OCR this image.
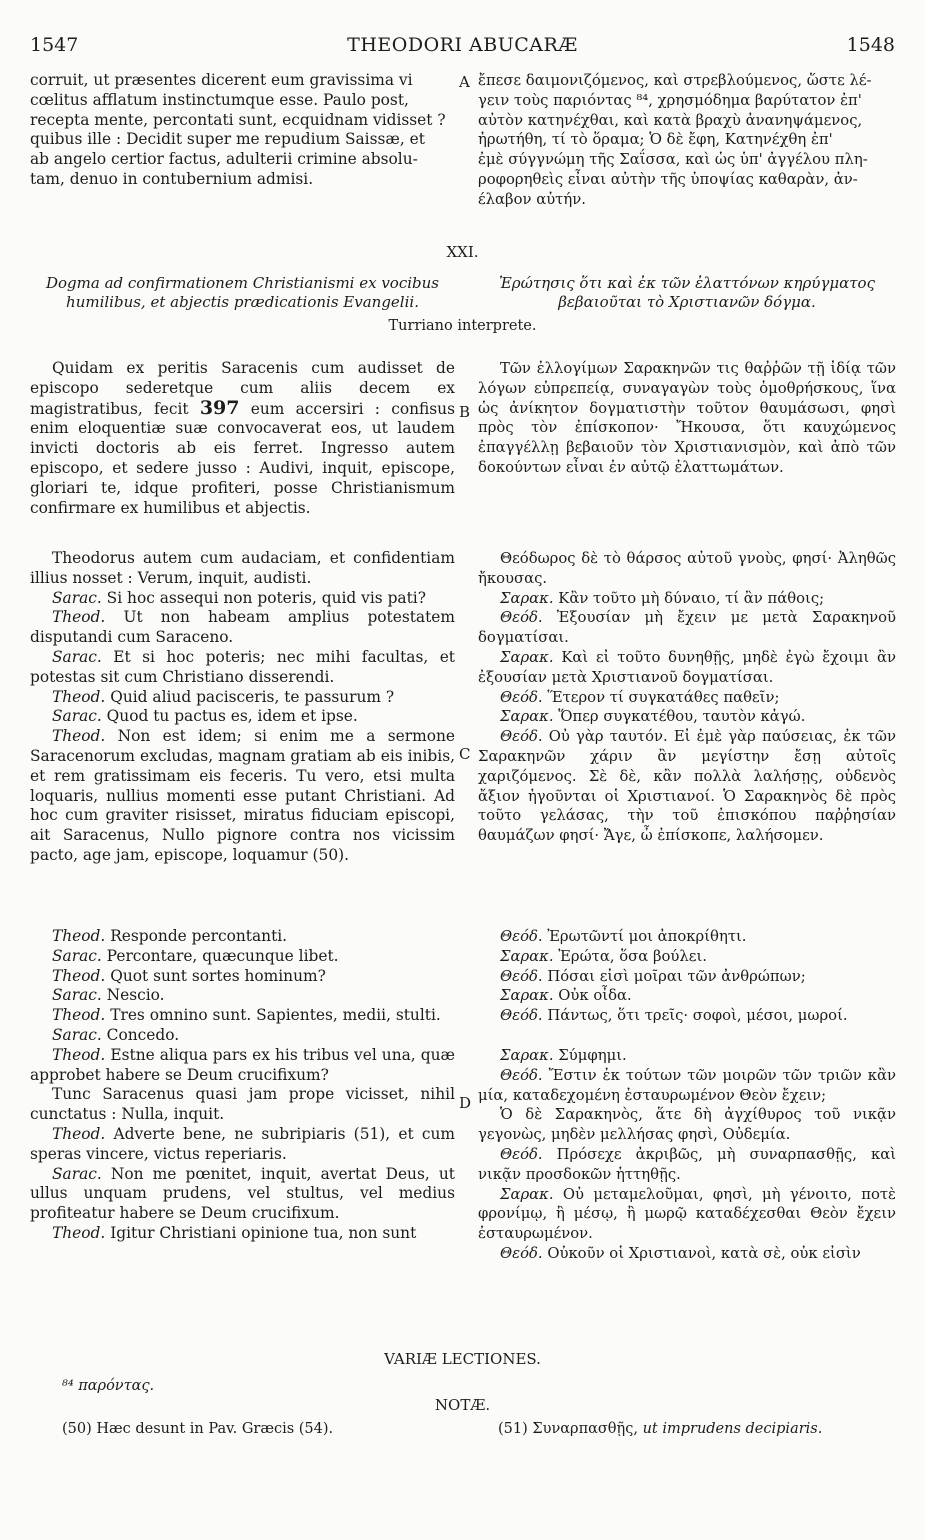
1547	THEODORI ABUCARÆ	1548

corruit, ut præsentes dicerent eum gravissima vi

cœlitus afflatum instinctumque esse. Paulo post,

recepta mente, percontati sunt, ecquidnam vidisset ?

quibus ille : Decidit super me repudium Saissæ, et

ab angelo certior factus, adulterii crimine absolu-

tam, denuo in contubernium admisi.

A ἔπεσε δαιμονιζόμενος, καὶ στρεβλούμενος, ὥστε λέ-

γειν τοὺς παριόντας ⁸⁴, χρησμόδημα βαρύτατον ἐπ'

αὐτὸν κατηνέχθαι, καὶ κατὰ βραχὺ ἀνανηψάμενος,

ἠρωτήθη, τί τὸ ὅραμα; Ὁ δὲ ἔφη, Κατηνέχθη ἐπ'

ἐμὲ σύγγνώμη τῆς Σαΐσσα, καὶ ὡς ὑπ' ἀγγέλου πλη-

ροφορηθεὶς εἶναι αὐτὴν τῆς ὑποψίας καθαρὰν, ἀν-

έλαβον αὐτήν.

XXI.

Dogma ad confirmationem Christianismi ex vocibus

humilibus, et abjectis prædicationis Evangelii.

Ἐρώτησις ὅτι καὶ ἐκ τῶν ἐλαττόνων κηρύγματος

βεβαιοῦται τὸ Χριστιανῶν δόγμα.

Turriano interprete.

Quidam ex peritis Saracenis cum audisset de episcopo sederetque cum aliis decem ex magistratibus, fecit 397 eum accersiri : confisus enim eloquentiæ suæ convocaverat eos, ut laudem invicti doctoris ab eis ferret. Ingresso autem episcopo, et sedere jusso : Audivi, inquit, episcope, gloriari te, idque profiteri, posse Christianismum confirmare ex humilibus et abjectis.

B

Τῶν ἐλλογίμων Σαρακηνῶν τις θαῤῥῶν τῇ ἰδίᾳ τῶν λόγων εὐπρεπείᾳ, συναγαγὼν τοὺς ὁμοθρήσκους, ἵνα ὡς ἀνίκητον δογματιστὴν τοῦτον θαυμάσωσι, φησὶ πρὸς τὸν ἐπίσκοπον· Ἤκουσα, ὅτι καυχώμενος ἐπαγγέλλῃ βεβαιοῦν τὸν Χριστιανισμὸν, καὶ ἀπὸ τῶν δοκούντων εἶναι ἐν αὐτῷ ἐλαττωμάτων.

Theodorus autem cum audaciam, et confidentiam illius nosset : Verum, inquit, audisti.

Sarac. Si hoc assequi non poteris, quid vis pati?

Theod. Ut non habeam amplius potestatem disputandi cum Saraceno.

Sarac. Et si hoc poteris; nec mihi facultas, et potestas sit cum Christiano disserendi.

Theod. Quid aliud pacisceris, te passurum ?

Sarac. Quod tu pactus es, idem et ipse.

Theod. Non est idem; si enim me a sermone Saracenorum excludas, magnam gratiam ab eis inibis, et rem gratissimam eis feceris. Tu vero, etsi multa loquaris, nullius momenti esse putant Christiani. Ad hoc cum graviter risisset, miratus fiduciam episcopi, ait Saracenus, Nullo pignore contra nos vicissim pacto, age jam, episcope, loquamur (50).

C

Θεόδωρος δὲ τὸ θάρσος αὐτοῦ γνοὺς, φησί· Ἀληθῶς ἤκουσας.

Σαρακ. Κἂν τοῦτο μὴ δύναιο, τί ἂν πάθοις;

Θεόδ. Ἐξουσίαν μὴ ἔχειν με μετὰ Σαρακηνοῦ δογματίσαι.

Σαρακ. Καὶ εἰ τοῦτο δυνηθῇς, μηδὲ ἐγὼ ἔχοιμι ἂν ἐξουσίαν μετὰ Χριστιανοῦ δογματίσαι.

Θεόδ. Ἕτερον τί συγκατάθες παθεῖν;

Σαρακ. Ὅπερ συγκατέθου, ταυτὸν κἀγώ.

Θεόδ. Οὐ γὰρ ταυτόν. Εἰ ἐμὲ γὰρ παύσειας, ἐκ τῶν Σαρακηνῶν χάριν ἂν μεγίστην ἔσῃ αὐτοῖς χαριζόμενος. Σὲ δὲ, κἂν πολλὰ λαλήσῃς, οὐδενὸς ἄξιον ἡγοῦνται οἱ Χριστιανοί. Ὁ Σαρακηνὸς δὲ πρὸς τοῦτο γελάσας, τὴν τοῦ ἐπισκόπου παῤῥησίαν θαυμάζων φησί· Ἄγε, ὦ ἐπίσκοπε, λαλήσομεν.

Theod. Responde percontanti.

Sarac. Percontare, quæcunque libet.

Theod. Quot sunt sortes hominum?

Sarac. Nescio.

Theod. Tres omnino sunt. Sapientes, medii, stulti.

Sarac. Concedo.

Theod. Estne aliqua pars ex his tribus vel una, quæ approbet habere se Deum crucifixum?

Tunc Saracenus quasi jam prope vicisset, nihil cunctatus : Nulla, inquit.

Theod. Adverte bene, ne subripiaris (51), et cum speras vincere, victus reperiaris.

Sarac. Non me pœnitet, inquit, avertat Deus, ut ullus unquam prudens, vel stultus, vel medius profiteatur habere se Deum crucifixum.

Theod. Igitur Christiani opinione tua, non sunt

D

Θεόδ. Ἐρωτῶντί μοι ἀποκρίθητι.

Σαρακ. Ἐρώτα, ὅσα βούλει.

Θεόδ. Πόσαι εἰσὶ μοῖραι τῶν ἀνθρώπων;

Σαρακ. Οὐκ οἶδα.

Θεόδ. Πάντως, ὅτι τρεῖς· σοφοὶ, μέσοι, μωροί.

Σαρακ. Σύμφημι.

Θεόδ. Ἔστιν ἐκ τούτων τῶν μοιρῶν τῶν τριῶν κἂν μία, καταδεχομένη ἐσταυρωμένον Θεὸν ἔχειν;

Ὁ δὲ Σαρακηνὸς, ἅτε δὴ ἀγχίθυρος τοῦ νικᾷν γεγονὼς, μηδὲν μελλήσας φησὶ, Οὐδεμία.

Θεόδ. Πρόσεχε ἀκριβῶς, μὴ συναρπασθῇς, καὶ νικᾷν προσδοκῶν ἡττηθῇς.

Σαρακ. Οὐ μεταμελοῦμαι, φησὶ, μὴ γένοιτο, ποτὲ φρονίμῳ, ἢ μέσῳ, ἢ μωρῷ καταδέχεσθαι Θεὸν ἔχειν ἐσταυρωμένον.

Θεόδ. Οὐκοῦν οἱ Χριστιανοὶ, κατὰ σὲ, οὐκ εἰσὶν

VARIÆ LECTIONES.
⁸⁴ παρόντας.
NOTÆ.
(50) Hæc desunt in Pav. Græcis (54).	(51) Συναρπασθῇς, ut imprudens decipiaris.
